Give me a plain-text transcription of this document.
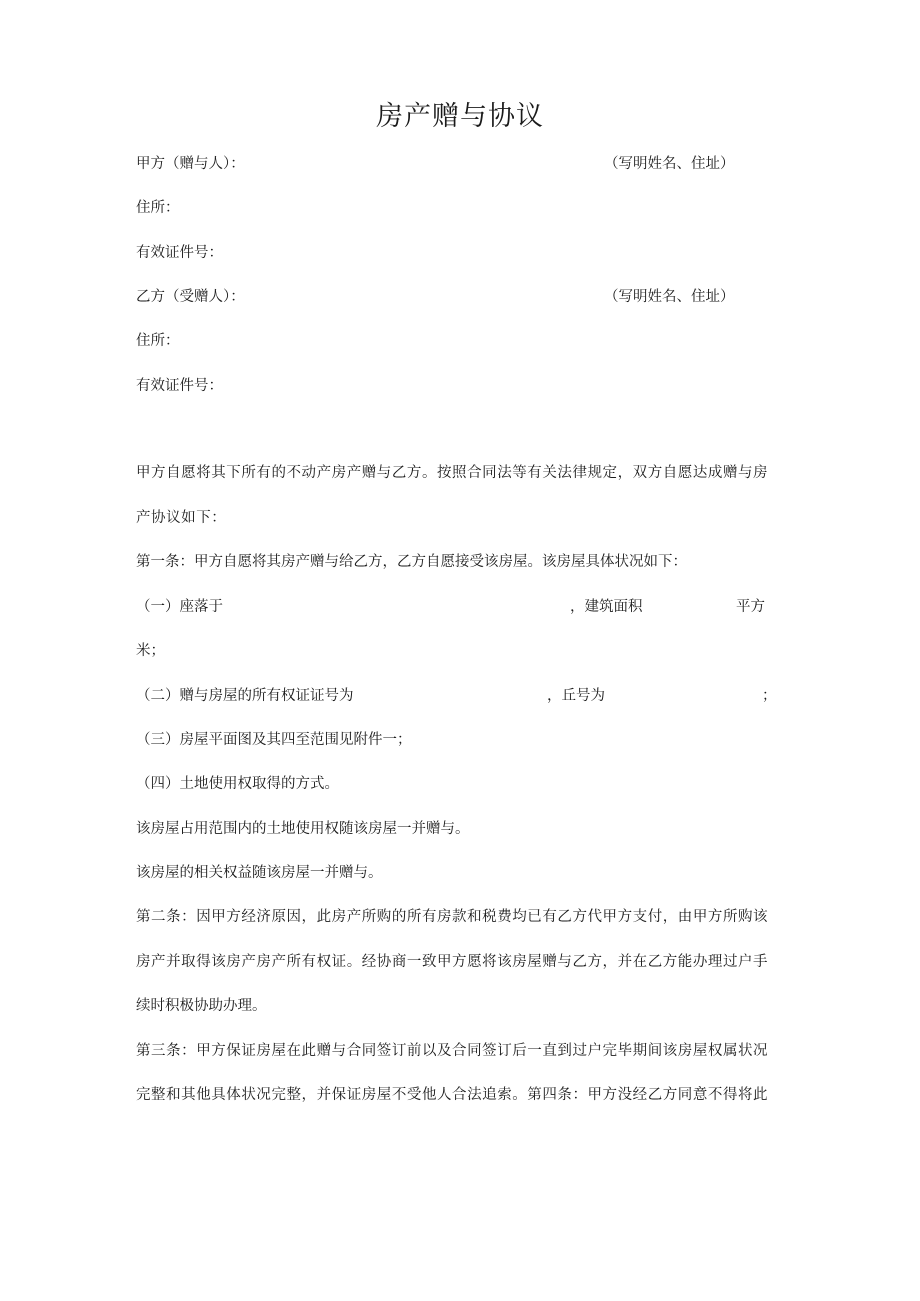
房产赠与协议
甲方（赠与人）：	（写明姓名、住址）
住所：
有效证件号：
乙方（受赠人）：	（写明姓名、住址）
住所：
有效证件号：
甲方自愿将其下所有的不动产房产赠与乙方。按照合同法等有关法律规定，双方自愿达成赠与房
产协议如下：
第一条：甲方自愿将其房产赠与给乙方，乙方自愿接受该房屋。该房屋具体状况如下：
（一）座落于	，建筑面积	平方
米；
（二）赠与房屋的所有权证证号为	，丘号为	；
（三）房屋平面图及其四至范围见附件一；
（四）土地使用权取得的方式。
该房屋占用范围内的土地使用权随该房屋一并赠与。
该房屋的相关权益随该房屋一并赠与。
第二条：因甲方经济原因，此房产所购的所有房款和税费均已有乙方代甲方支付，由甲方所购该
房产并取得该房产房产所有权证。经协商一致甲方愿将该房屋赠与乙方，并在乙方能办理过户手
续时积极协助办理。
第三条：甲方保证房屋在此赠与合同签订前以及合同签订后一直到过户完毕期间该房屋权属状况
完整和其他具体状况完整，并保证房屋不受他人合法追索。第四条：甲方没经乙方同意不得将此
